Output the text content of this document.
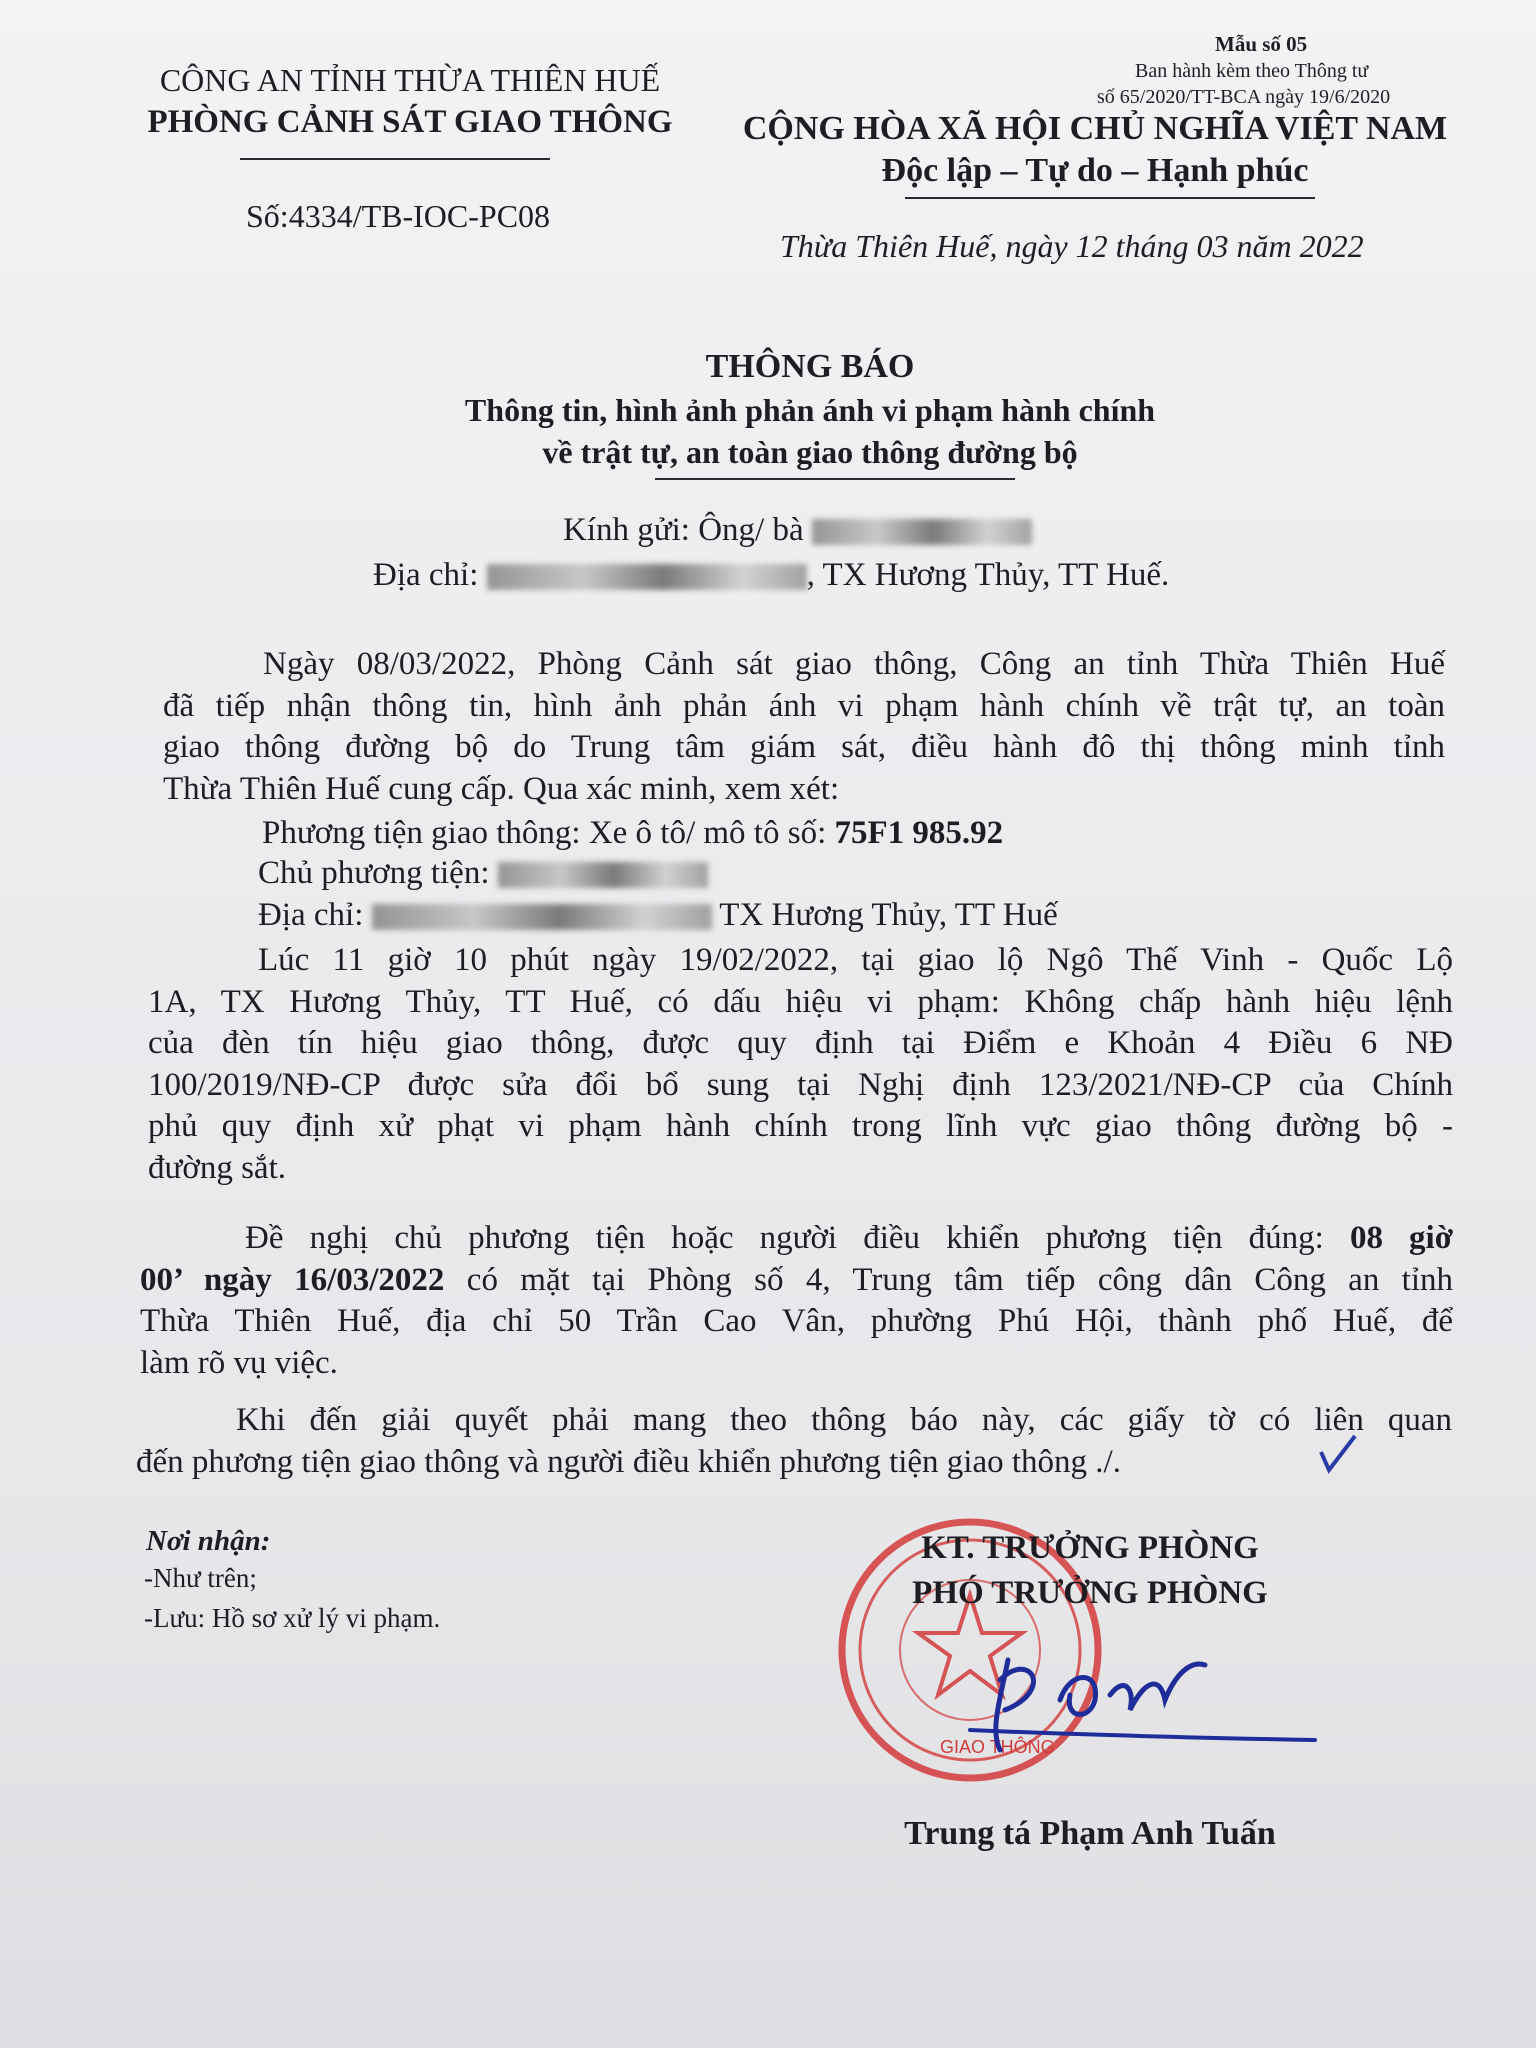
Mẫu số 05
Ban hành kèm theo Thông tư
số 65/2020/TT-BCA ngày 19/6/2020
CÔNG AN TỈNH THỪA THIÊN HUẾ
PHÒNG CẢNH SÁT GIAO THÔNG
Số:4334/TB-IOC-PC08
CỘNG HÒA XÃ HỘI CHỦ NGHĨA VIỆT NAM
Độc lập – Tự do – Hạnh phúc
Thừa Thiên Huế, ngày 12 tháng 03 năm 2022
THÔNG BÁO
Thông tin, hình ảnh phản ánh vi phạm hành chính
về trật tự, an toàn giao thông đường bộ
Kính gửi: Ông/ bà
Địa chỉ:	, TX Hương Thủy, TT Huế.
Ngày 08/03/2022, Phòng Cảnh sát giao thông, Công an tỉnh Thừa Thiên Huế
đã tiếp nhận thông tin, hình ảnh phản ánh vi phạm hành chính về trật tự, an toàn
giao thông đường bộ do Trung tâm giám sát, điều hành đô thị thông minh tỉnh
Thừa Thiên Huế cung cấp. Qua xác minh, xem xét:
Phương tiện giao thông: Xe ô tô/ mô tô số: 75F1 985.92
Chủ phương tiện:
Địa chỉ:	TX Hương Thủy, TT Huế
Lúc 11 giờ 10 phút ngày 19/02/2022, tại giao lộ Ngô Thế Vinh - Quốc Lộ
1A, TX Hương Thủy, TT Huế, có dấu hiệu vi phạm: Không chấp hành hiệu lệnh
của đèn tín hiệu giao thông, được quy định tại Điểm e Khoản 4 Điều 6 NĐ
100/2019/NĐ-CP được sửa đổi bổ sung tại Nghị định 123/2021/NĐ-CP của Chính
phủ quy định xử phạt vi phạm hành chính trong lĩnh vực giao thông đường bộ -
đường sắt.
Đề nghị chủ phương tiện hoặc người điều khiển phương tiện đúng: 08 giờ
00’ ngày 16/03/2022 có mặt tại Phòng số 4, Trung tâm tiếp công dân Công an tỉnh
Thừa Thiên Huế, địa chỉ 50 Trần Cao Vân, phường Phú Hội, thành phố Huế, để
làm rõ vụ việc.
Khi đến giải quyết phải mang theo thông báo này, các giấy tờ có liên quan
đến phương tiện giao thông và người điều khiển phương tiện giao thông ./.
Nơi nhận:
-Như trên;
-Lưu: Hồ sơ xử lý vi phạm.
GIAO THÔNG
KT. TRƯỞNG PHÒNG
PHÓ TRƯỞNG PHÒNG
Trung tá Phạm Anh Tuấn
